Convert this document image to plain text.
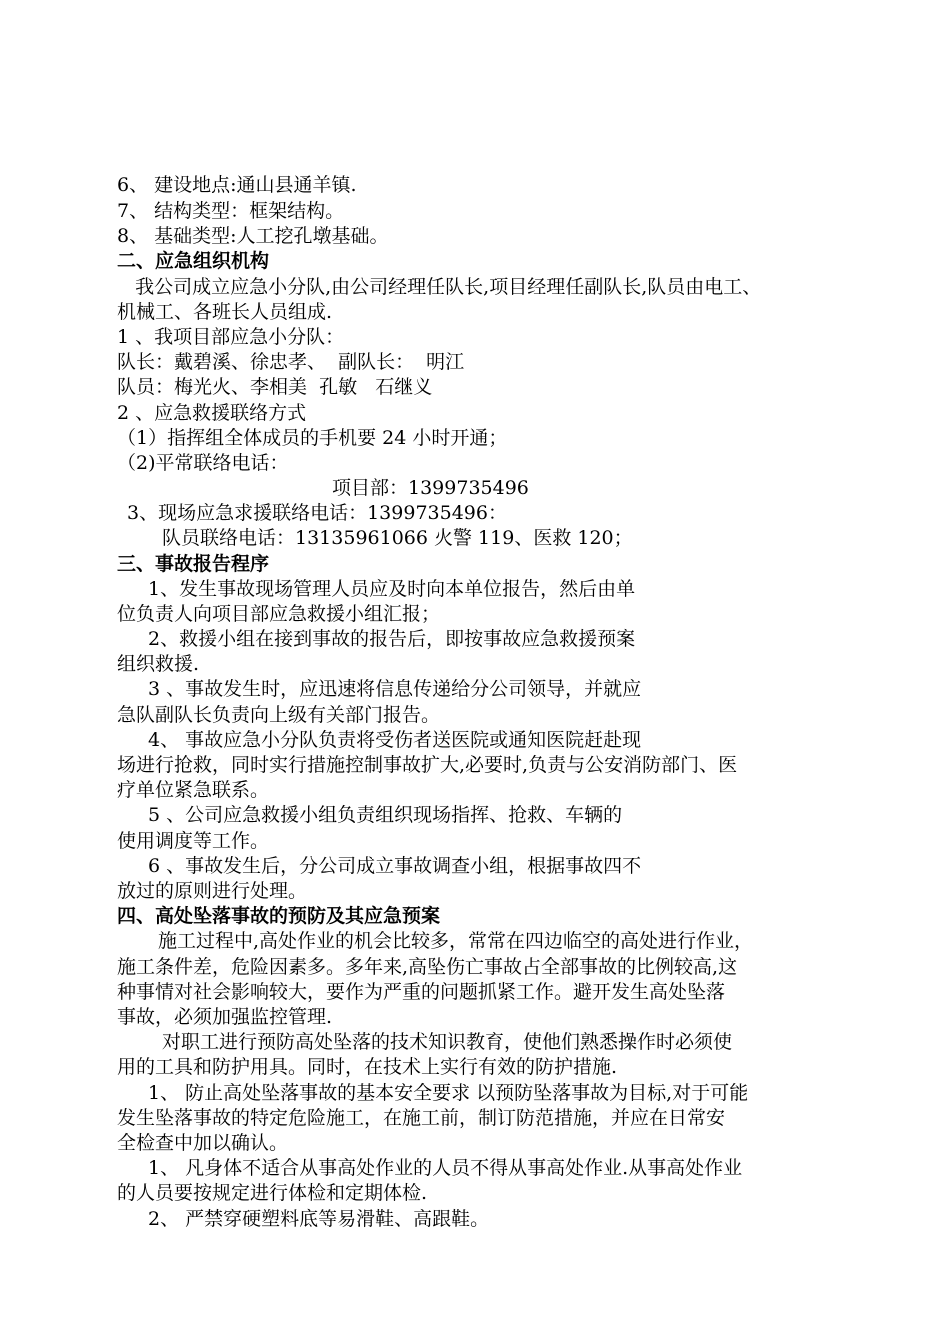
6、 建设地点:通山县通羊镇.
7、 结构类型：框架结构。
8、 基础类型:人工挖孔墩基础。
二、应急组织机构
我公司成立应急小分队,由公司经理任队长,项目经理任副队长,队员由电工、
机械工、各班长人员组成.
1 、我项目部应急小分队：
队长：戴碧溪、徐忠孝、  副队长：  明江
队员：梅光火、李相美  孔敏   石继义
2 、应急救援联络方式
（1）指挥组全体成员的手机要 24 小时开通；
（2)平常联络电话：
项目部：1399735496
3、现场应急求援联络电话：1399735496：
队员联络电话：13135961066 火警 119、医救 120；
三、事故报告程序
1、发生事故现场管理人员应及时向本单位报告，然后由单
位负责人向项目部应急救援小组汇报；
2、救援小组在接到事故的报告后，即按事故应急救援预案
组织救援.
3 、事故发生时，应迅速将信息传递给分公司领导，并就应
急队副队长负责向上级有关部门报告。
4、 事故应急小分队负责将受伤者送医院或通知医院赶赴现
场进行抢救，同时实行措施控制事故扩大,必要时,负责与公安消防部门、医
疗单位紧急联系。
5 、公司应急救援小组负责组织现场指挥、抢救、车辆的
使用调度等工作。
6 、事故发生后，分公司成立事故调查小组，根据事故四不
放过的原则进行处理。
四、高处坠落事故的预防及其应急预案
施工过程中,高处作业的机会比较多，常常在四边临空的高处进行作业，
施工条件差，危险因素多。多年来,高坠伤亡事故占全部事故的比例较高,这
种事情对社会影响较大，要作为严重的问题抓紧工作。避开发生高处坠落
事故，必须加强监控管理.
对职工进行预防高处坠落的技术知识教育，使他们熟悉操作时必须使
用的工具和防护用具。同时，在技术上实行有效的防护措施.
1、 防止高处坠落事故的基本安全要求 以预防坠落事故为目标,对于可能
发生坠落事故的特定危险施工，在施工前，制订防范措施，并应在日常安
全检查中加以确认。
1、 凡身体不适合从事高处作业的人员不得从事高处作业.从事高处作业
的人员要按规定进行体检和定期体检.
2、 严禁穿硬塑料底等易滑鞋、高跟鞋。
